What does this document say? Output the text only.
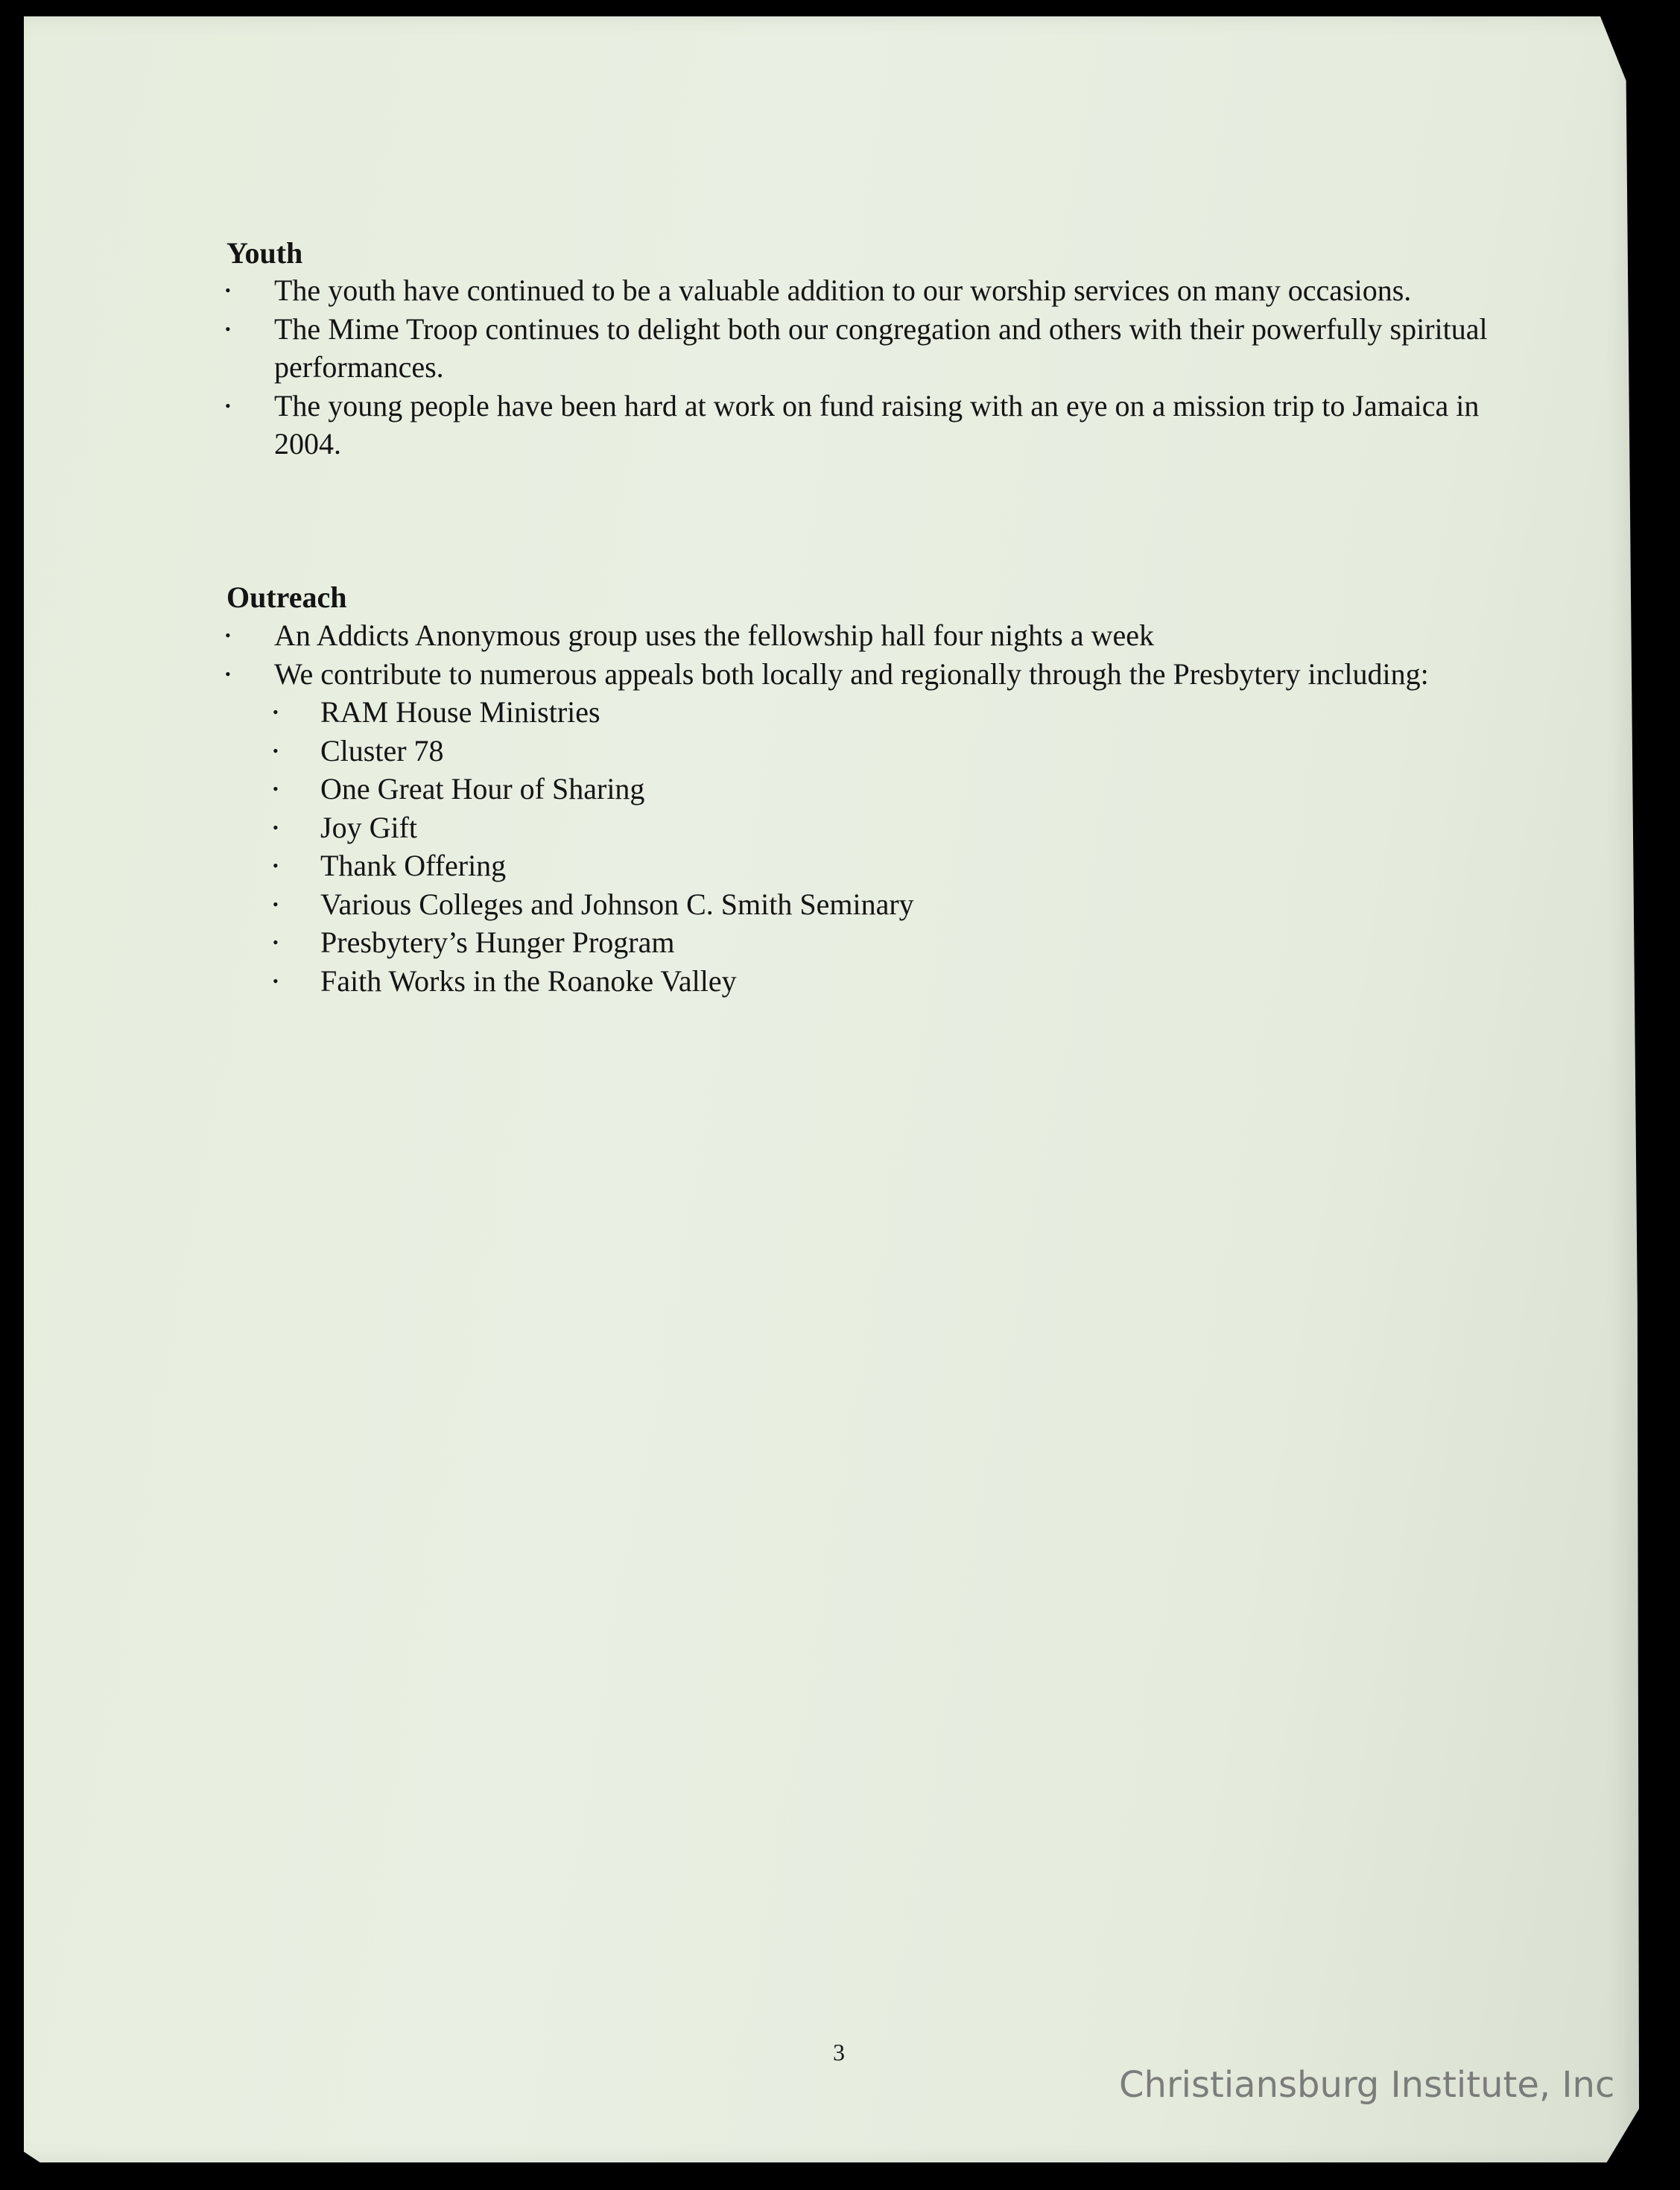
Youth
• The youth have continued to be a valuable addition to our worship services on many occasions.
• The Mime Troop continues to delight both our congregation and others with their powerfully spiritual performances.
• The young people have been hard at work on fund raising with an eye on a mission trip to Jamaica in 2004.
Outreach
• An Addicts Anonymous group uses the fellowship hall four nights a week
• We contribute to numerous appeals both locally and regionally through the Presbytery including:
• RAM House Ministries
• Cluster 78
• One Great Hour of Sharing
• Joy Gift
• Thank Offering
• Various Colleges and Johnson C. Smith Seminary
• Presbytery’s Hunger Program
• Faith Works in the Roanoke Valley
3
Christiansburg Institute, Inc
